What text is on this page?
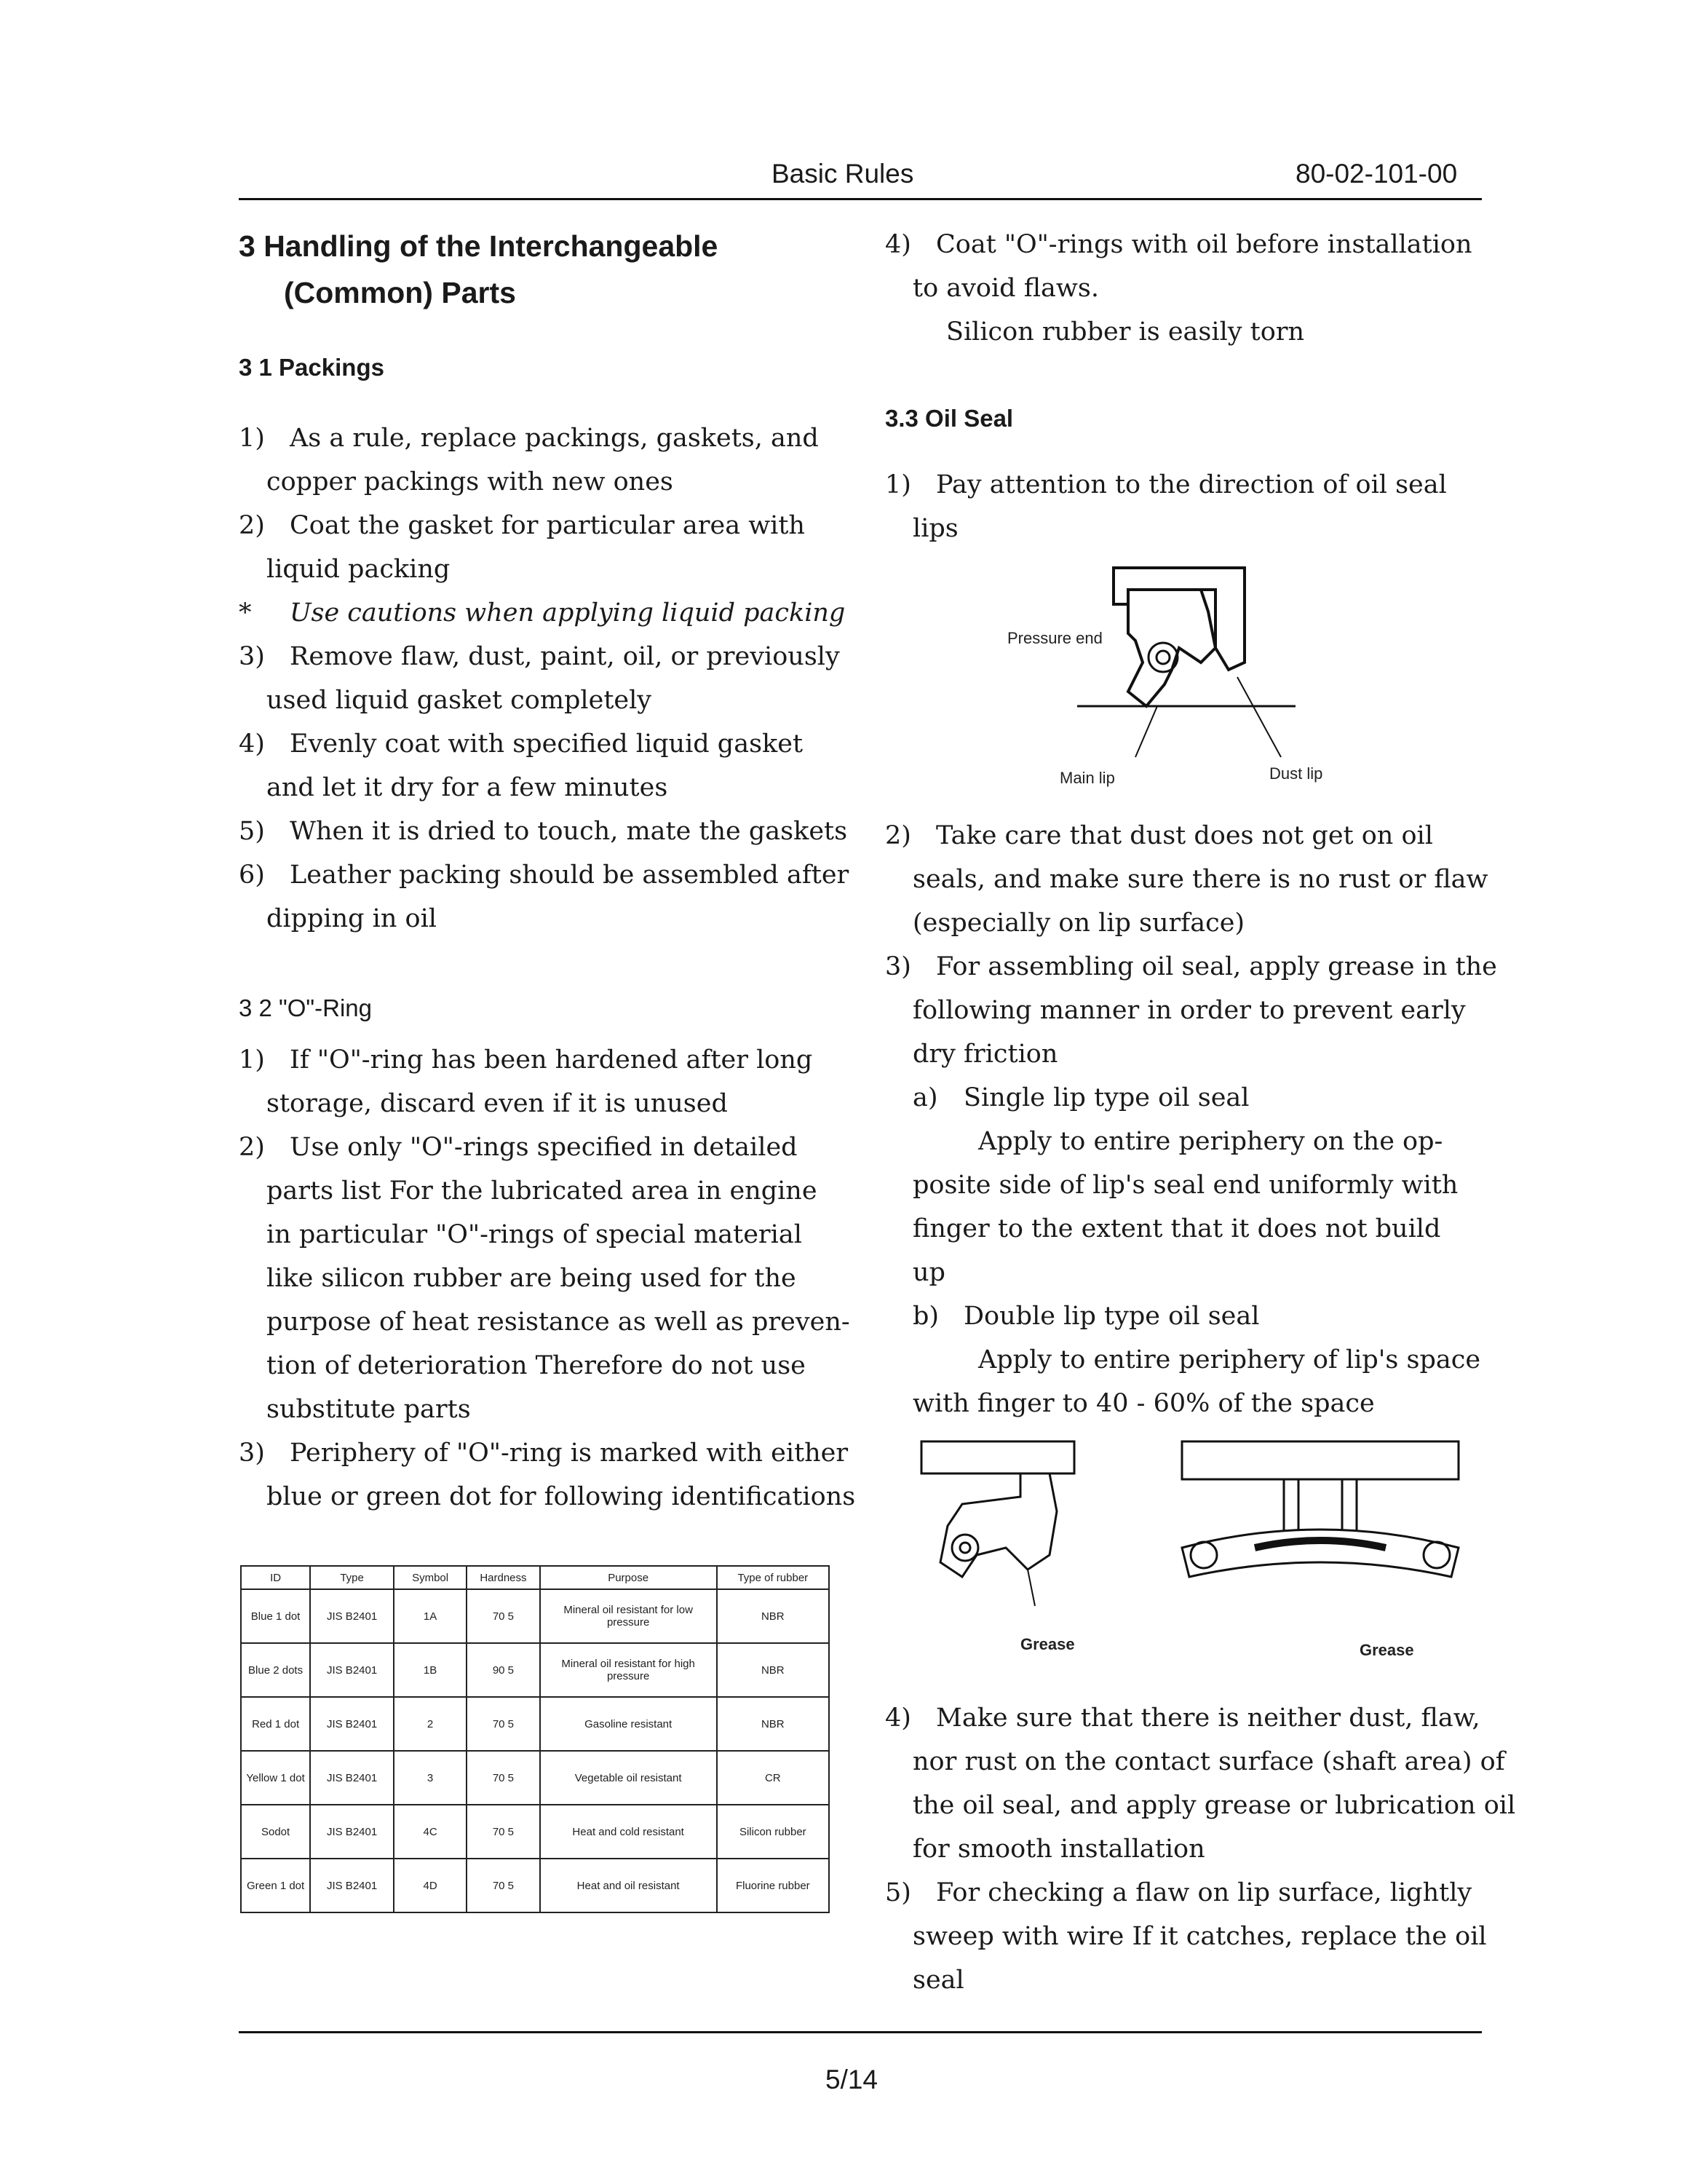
Basic Rules	80-02-101-00
3 Handling of the Interchangeable
(Common) Parts
3 1 Packings
1) As a rule, replace packings, gaskets, and
copper packings with new ones
2) Coat the gasket for particular area with
liquid packing
* Use cautions when applying liquid packing
3) Remove flaw, dust, paint, oil, or previously
used liquid gasket completely
4) Evenly coat with specified liquid gasket
and let it dry for a few minutes
5) When it is dried to touch, mate the gaskets
6) Leather packing should be assembled after
dipping in oil
3 2 "O"-Ring
1) If "O"-ring has been hardened after long
storage, discard even if it is unused
2) Use only "O"-rings specified in detailed
parts list For the lubricated area in engine
in particular "O"-rings of special material
like silicon rubber are being used for the
purpose of heat resistance as well as preven-
tion of deterioration Therefore do not use
substitute parts
3) Periphery of "O"-ring is marked with either
blue or green dot for following identifications
ID	Type	Symbol	Hardness	Purpose	Type of rubber
Blue 1 dot	JIS B2401	1A	70 5	Mineral oil resistant for low pressure	NBR
Blue 2 dots	JIS B2401	1B	90 5	Mineral oil resistant for high pressure	NBR
Red 1 dot	JIS B2401	2	70 5	Gasoline resistant	NBR
Yellow 1 dot	JIS B2401	3	70 5	Vegetable oil resistant	CR
Sodot	JIS B2401	4C	70 5	Heat and cold resistant	Silicon rubber
Green 1 dot	JIS B2401	4D	70 5	Heat and oil resistant	Fluorine rubber
4) Coat "O"-rings with oil before installation
to avoid flaws.
Silicon rubber is easily torn
3.3 Oil Seal
1) Pay attention to the direction of oil seal
lips
Pressure end
Main lip	Dust lip
2) Take care that dust does not get on oil
seals, and make sure there is no rust or flaw
(especially on lip surface)
3) For assembling oil seal, apply grease in the
following manner in order to prevent early
dry friction
a) Single lip type oil seal
Apply to entire periphery on the op-
posite side of lip's seal end uniformly with
finger to the extent that it does not build
up
b) Double lip type oil seal
Apply to entire periphery of lip's space
with finger to 40 - 60% of the space
Grease	Grease
4) Make sure that there is neither dust, flaw,
nor rust on the contact surface (shaft area) of
the oil seal, and apply grease or lubrication oil
for smooth installation
5) For checking a flaw on lip surface, lightly
sweep with wire If it catches, replace the oil
seal
5/14
